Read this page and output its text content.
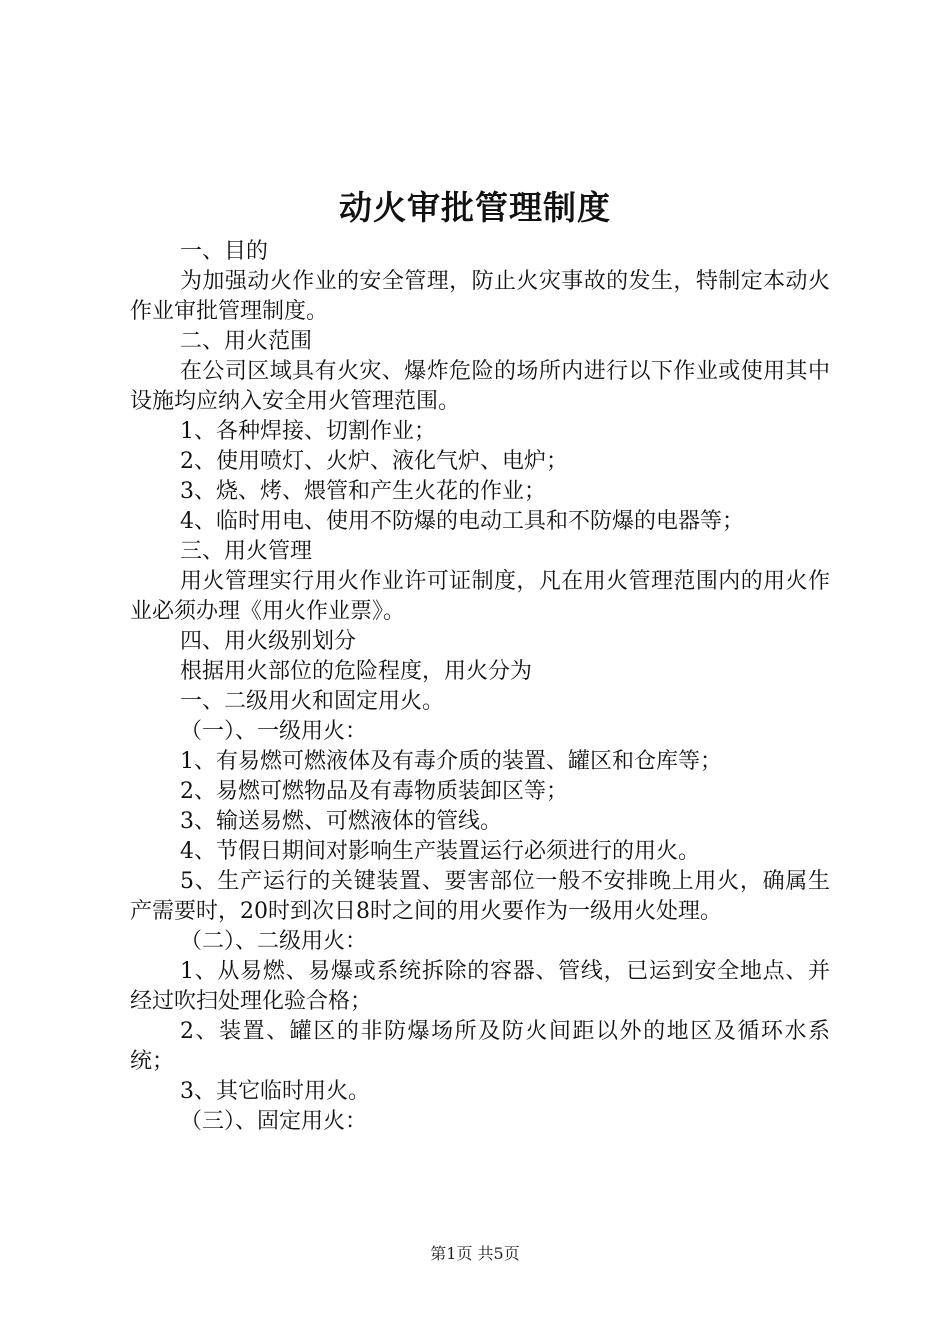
动火审批管理制度

一、目的

为加强动火作业的安全管理，防止火灾事故的发生，特制定本动火作业审批管理制度。

二、用火范围

在公司区域具有火灾、爆炸危险的场所内进行以下作业或使用其中设施均应纳入安全用火管理范围。

1、各种焊接、切割作业；

2、使用喷灯、火炉、液化气炉、电炉；

3、烧、烤、煨管和产生火花的作业；

4、临时用电、使用不防爆的电动工具和不防爆的电器等；

三、用火管理

用火管理实行用火作业许可证制度，凡在用火管理范围内的用火作业必须办理《用火作业票》。

四、用火级别划分

根据用火部位的危险程度，用火分为

一、二级用火和固定用火。

（一）、一级用火：

1、有易燃可燃液体及有毒介质的装置、罐区和仓库等；

2、易燃可燃物品及有毒物质装卸区等；

3、输送易燃、可燃液体的管线。

4、节假日期间对影响生产装置运行必须进行的用火。

5、生产运行的关键装置、要害部位一般不安排晚上用火，确属生产需要时，20时到次日8时之间的用火要作为一级用火处理。

（二）、二级用火：

1、从易燃、易爆或系统拆除的容器、管线，已运到安全地点、并经过吹扫处理化验合格；

2、装置、罐区的非防爆场所及防火间距以外的地区及循环水系统；

3、其它临时用火。

（三）、固定用火：

第1页 共5页
